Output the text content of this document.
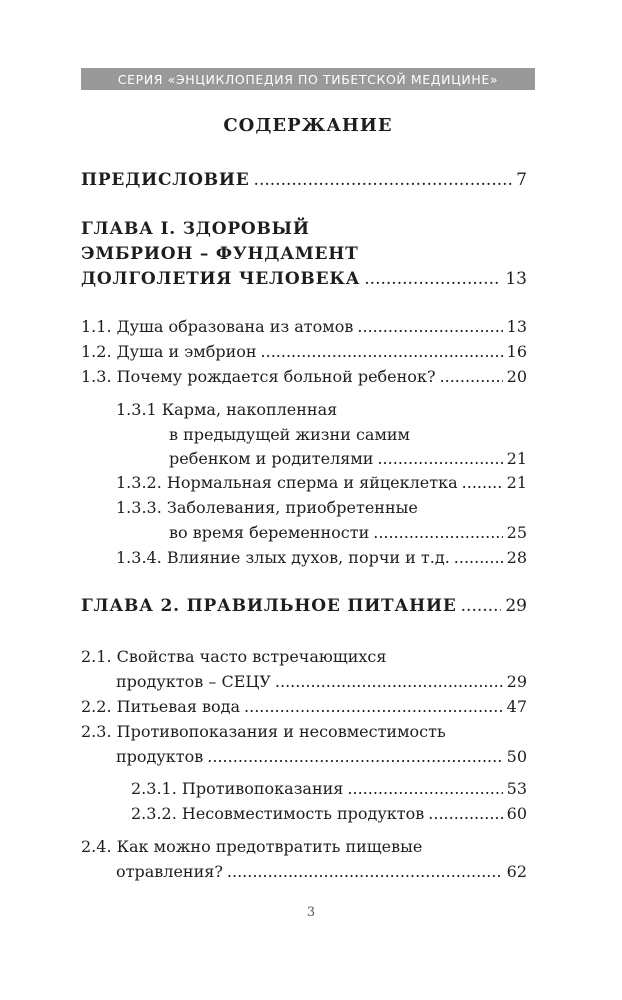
СЕРИЯ «ЭНЦИКЛОПЕДИЯ ПО ТИБЕТСКОЙ МЕДИЦИНЕ»
СОДЕРЖАНИЕ
ПРЕДИСЛОВИЕ .....	7
ГЛАВА I. ЗДОРОВЫЙ
ЭМБРИОН – ФУНДАМЕНТ
ДОЛГОЛЕТИЯ ЧЕЛОВЕКА .....	13
1.1. Душа образована из атомов .....	13
1.2. Душа и эмбрион .....	16
1.3. Почему рождается больной ребенок? .....	20
1.3.1 Карма, накопленная
в предыдущей жизни самим
ребенком и родителями .....	21
1.3.2. Нормальная сперма и яйцеклетка .....	21
1.3.3. Заболевания, приобретенные
во время беременности .....	25
1.3.4. Влияние злых духов, порчи и т.д. .....	28
ГЛАВА 2. ПРАВИЛЬНОЕ ПИТАНИЕ .....	29
2.1. Свойства часто встречающихся
продуктов – СЕЦУ .....	29
2.2. Питьевая вода .....	47
2.3. Противопоказания и несовместимость
продуктов .....	50
2.3.1. Противопоказания .....	53
2.3.2. Несовместимость продуктов .....	60
2.4. Как можно предотвратить пищевые
отравления? .....	62
3
